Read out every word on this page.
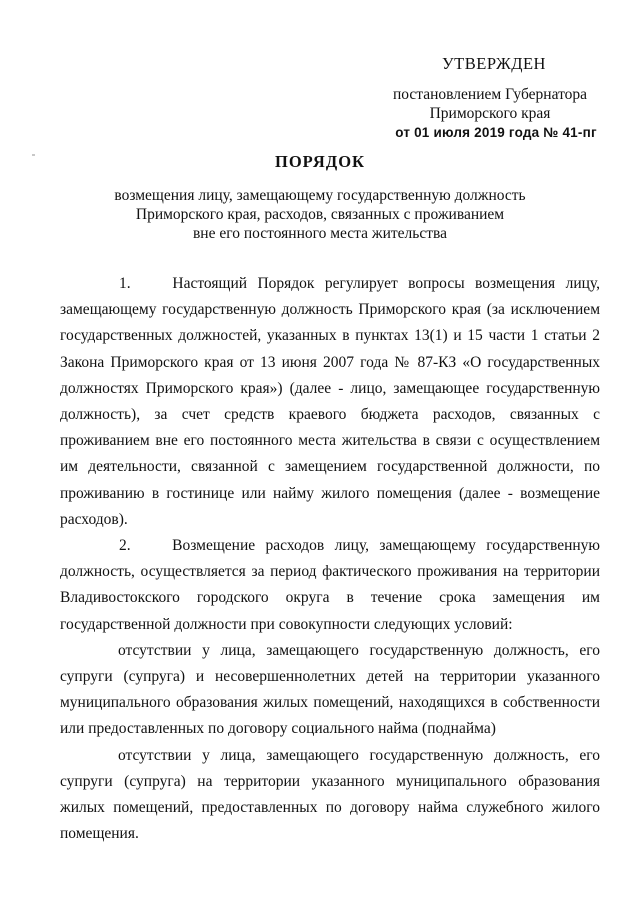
УТВЕРЖДЕН
постановлением Губернатора
Приморского края
от 01 июля 2019 года № 41-пг
ПОРЯДОК
возмещения лицу, замещающему государственную должность
Приморского края, расходов, связанных с проживанием
вне его постоянного места жительства

1.    Настоящий Порядок регулирует вопросы возмещения лицу, замещающему государственную должность Приморского края (за исключением государственных должностей, указанных в пунктах 13(1) и 15 части 1 статьи 2 Закона Приморского края от 13 июня 2007 года № 87-КЗ «О государственных должностях Приморского края») (далее - лицо, замещающее государственную должность), за счет средств краевого бюджета расходов, связанных с проживанием вне его постоянного места жительства в связи с осуществлением им деятельности, связанной с замещением государственной должности, по проживанию в гостинице или найму жилого помещения (далее - возмещение расходов).

2.    Возмещение расходов лицу, замещающему государственную должность, осуществляется за период фактического проживания на территории Владивостокского городского округа в течение срока замещения им государственной должности при совокупности следующих условий:

отсутствии у лица, замещающего государственную должность, его супруги (супруга) и несовершеннолетних детей на территории указанного муниципального образования жилых помещений, находящихся в собственности или предоставленных по договору социального найма (поднайма)

отсутствии у лица, замещающего государственную должность, его супруги (супруга) на территории указанного муниципального образования жилых помещений, предоставленных по договору найма служебного жилого помещения.
